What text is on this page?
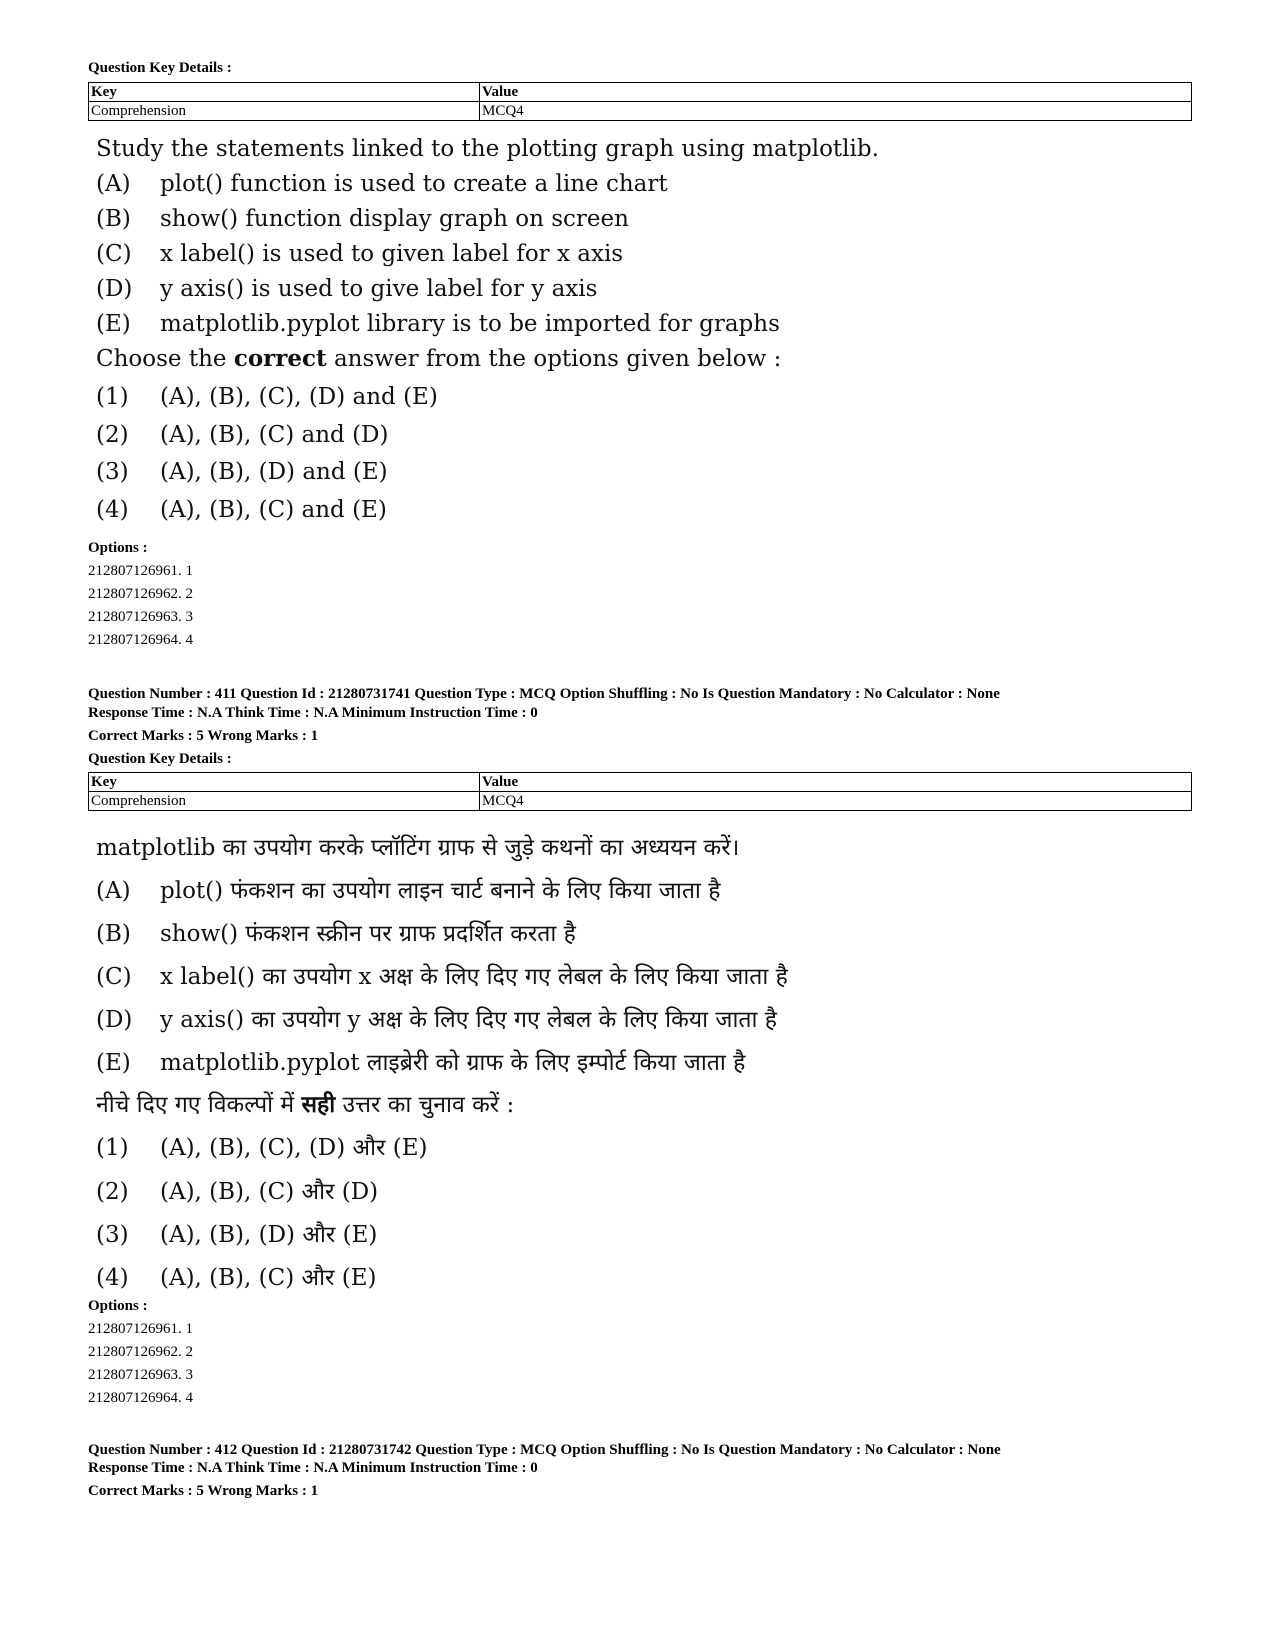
Question Key Details :
Key	Value
Comprehension	MCQ4
Study the statements linked to the plotting graph using matplotlib.
(A) plot() function is used to create a line chart
(B) show() function display graph on screen
(C) x label() is used to given label for x axis
(D) y axis() is used to give label for y axis
(E) matplotlib.pyplot library is to be imported for graphs
Choose the correct answer from the options given below :
(1) (A), (B), (C), (D) and (E)
(2) (A), (B), (C) and (D)
(3) (A), (B), (D) and (E)
(4) (A), (B), (C) and (E)
Options :
212807126961. 1
212807126962. 2
212807126963. 3
212807126964. 4
Question Number : 411 Question Id : 21280731741 Question Type : MCQ Option Shuffling : No Is Question Mandatory : No Calculator : None
Response Time : N.A Think Time : N.A Minimum Instruction Time : 0
Correct Marks : 5 Wrong Marks : 1
Question Key Details :
Key	Value
Comprehension	MCQ4
matplotlib का उपयोग करके प्लॉटिंग ग्राफ से जुड़े कथनों का अध्ययन करें।
(A) plot() फंकशन का उपयोग लाइन चार्ट बनाने के लिए किया जाता है
(B) show() फंकशन स्क्रीन पर ग्राफ प्रदर्शित करता है
(C) x label() का उपयोग x अक्ष के लिए दिए गए लेबल के लिए किया जाता है
(D) y axis() का उपयोग y अक्ष के लिए दिए गए लेबल के लिए किया जाता है
(E) matplotlib.pyplot लाइब्रेरी को ग्राफ के लिए इम्पोर्ट किया जाता है
नीचे दिए गए विकल्पों में सही उत्तर का चुनाव करें :
(1) (A), (B), (C), (D) और (E)
(2) (A), (B), (C) और (D)
(3) (A), (B), (D) और (E)
(4) (A), (B), (C) और (E)
Options :
212807126961. 1
212807126962. 2
212807126963. 3
212807126964. 4
Question Number : 412 Question Id : 21280731742 Question Type : MCQ Option Shuffling : No Is Question Mandatory : No Calculator : None
Response Time : N.A Think Time : N.A Minimum Instruction Time : 0
Correct Marks : 5 Wrong Marks : 1
